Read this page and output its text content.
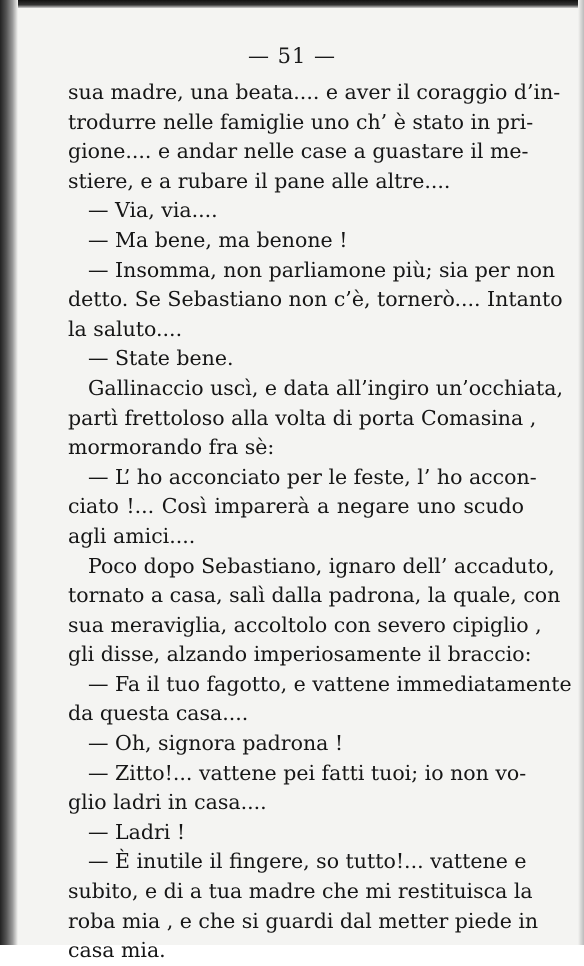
— 51 —
sua madre, una beata.... e aver il coraggio d’in-
trodurre nelle famiglie uno ch’ è stato in pri-
gione.... e andar nelle case a guastare il me-
stiere, e a rubare il pane alle altre....
— Via, via....
— Ma bene, ma benone !
— Insomma, non parliamone più; sia per non
detto. Se Sebastiano non c’è, tornerò.... Intanto
la saluto....
— State bene.
Gallinaccio uscì, e data all’ingiro un’occhiata,
partì frettoloso alla volta di porta Comasina ,
mormorando fra sè:
— L’ ho acconciato per le feste, l’ ho accon-
ciato !... Così imparerà a negare uno scudo
agli amici....
Poco dopo Sebastiano, ignaro dell’ accaduto,
tornato a casa, salì dalla padrona, la quale, con
sua meraviglia, accoltolo con severo cipiglio ,
gli disse, alzando imperiosamente il braccio:
— Fa il tuo fagotto, e vattene immediatamente
da questa casa....
— Oh, signora padrona !
— Zitto!... vattene pei fatti tuoi; io non vo-
glio ladri in casa....
— Ladri !
— È inutile il fingere, so tutto!... vattene e
subito, e di a tua madre che mi restituisca la
roba mia , e che si guardi dal metter piede in
casa mia.
